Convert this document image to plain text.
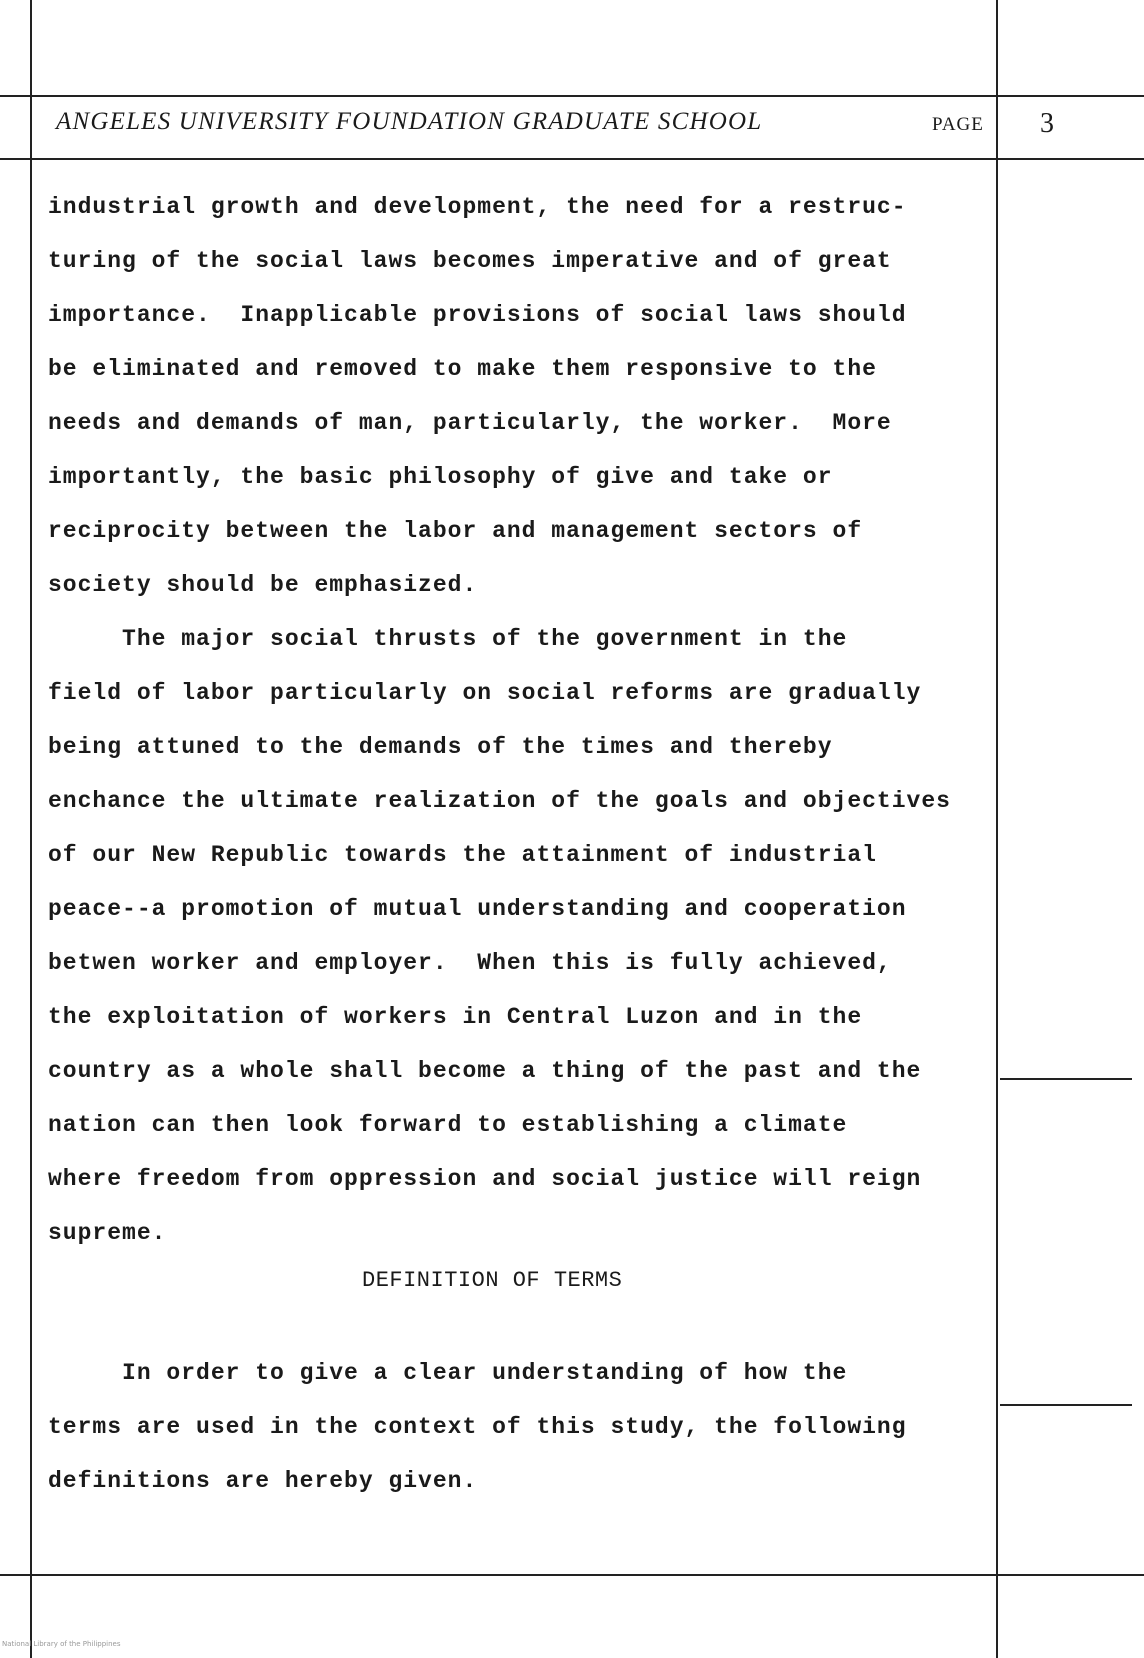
ANGELES UNIVERSITY FOUNDATION GRADUATE SCHOOL	PAGE 3
industrial growth and development, the need for a restruc-
turing of the social laws becomes imperative and of great
importance.  Inapplicable provisions of social laws should
be eliminated and removed to make them responsive to the
needs and demands of man, particularly, the worker.  More
importantly, the basic philosophy of give and take or
reciprocity between the labor and management sectors of
society should be emphasized.
The major social thrusts of the government in the
field of labor particularly on social reforms are gradually
being attuned to the demands of the times and thereby
enchance the ultimate realization of the goals and objectives
of our New Republic towards the attainment of industrial
peace--a promotion of mutual understanding and cooperation
betwen worker and employer.  When this is fully achieved,
the exploitation of workers in Central Luzon and in the
country as a whole shall become a thing of the past and the
nation can then look forward to establishing a climate
where freedom from oppression and social justice will reign
supreme.
DEFINITION OF TERMS
In order to give a clear understanding of how the
terms are used in the context of this study, the following
definitions are hereby given.
National Library of the Philippines
